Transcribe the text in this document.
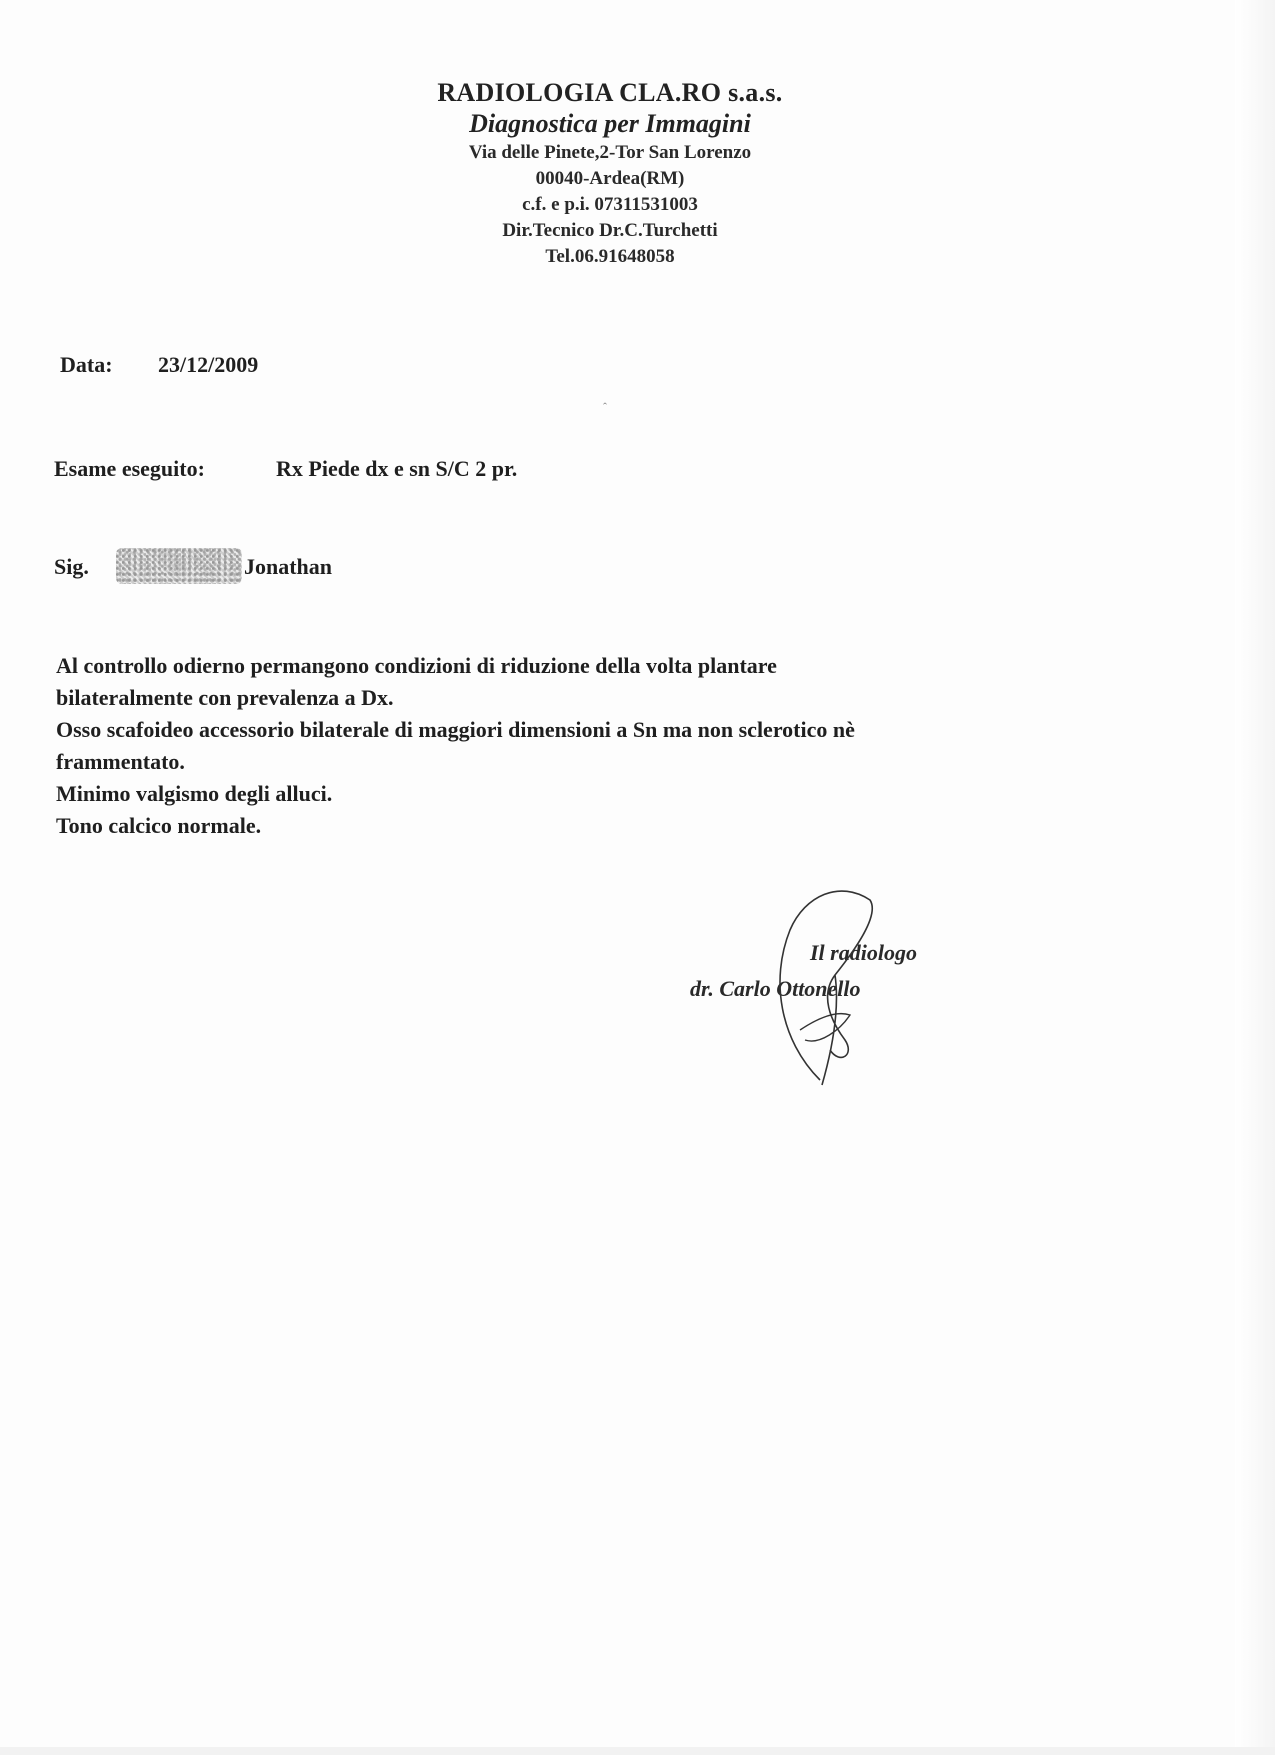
RADIOLOGIA CLA.RO s.a.s.
Diagnostica per Immagini
Via delle Pinete,2-Tor San Lorenzo
00040-Ardea(RM)
c.f. e p.i. 07311531003
Dir.Tecnico Dr.C.Turchetti
Tel.06.91648058
ˆ
Data: 23/12/2009
Esame eseguito:	Rx Piede dx e sn S/C 2 pr.
Sig.	Jonathan

Al controllo odierno permangono condizioni di riduzione della volta plantare

bilateralmente con prevalenza a Dx.

Osso scafoideo accessorio bilaterale di maggiori dimensioni a Sn ma non sclerotico nè

frammentato.

Minimo valgismo degli alluci.

Tono calcico normale.

Il radiologo
dr. Carlo Ottonello
